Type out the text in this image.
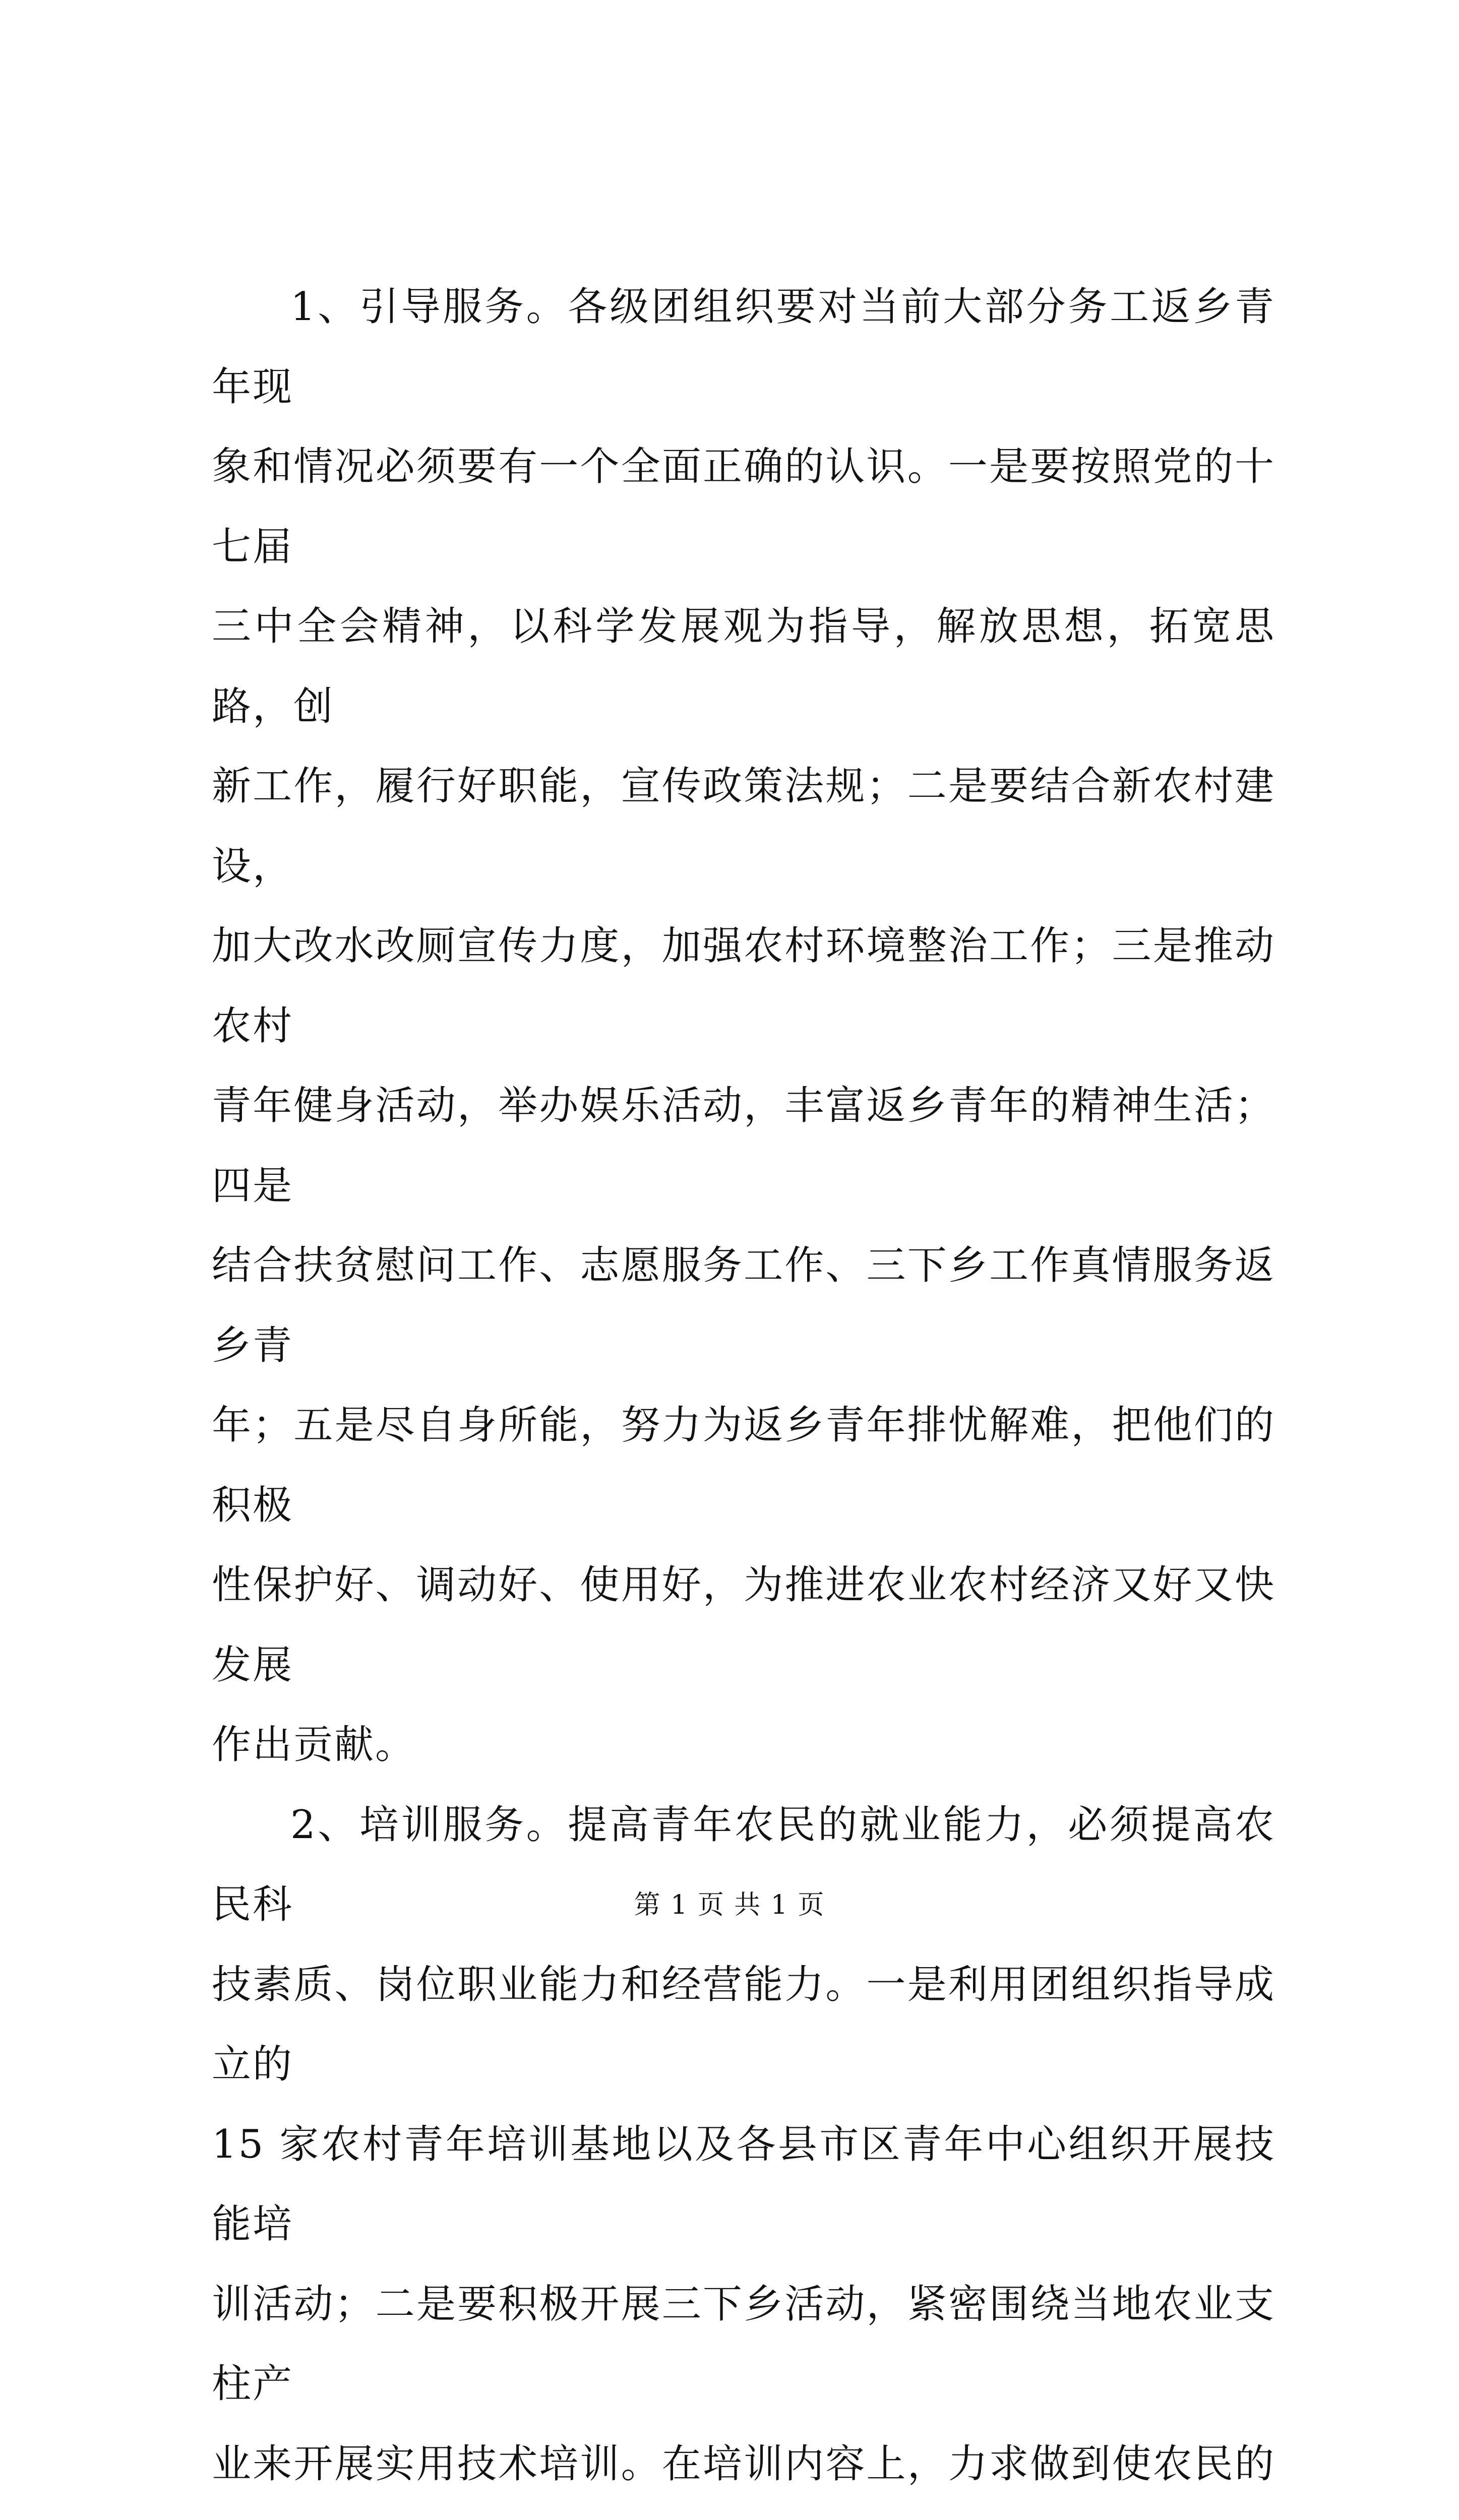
1、引导服务。各级团组织要对当前大部分务工返乡青年现
象和情况必须要有一个全面正确的认识。一是要按照党的十七届
三中全会精神，以科学发展观为指导，解放思想，拓宽思路，创
新工作，履行好职能，宣传政策法规；二是要结合新农村建设，
加大改水改厕宣传力度，加强农村环境整治工作；三是推动农村
青年健身活动，举办娱乐活动，丰富返乡青年的精神生活；四是
结合扶贫慰问工作、志愿服务工作、三下乡工作真情服务返乡青
年；五是尽自身所能，努力为返乡青年排忧解难，把他们的积极
性保护好、调动好、使用好，为推进农业农村经济又好又快发展
作出贡献。

2、培训服务。提高青年农民的就业能力，必须提高农民科
技素质、岗位职业能力和经营能力。一是利用团组织指导成立的
15 家农村青年培训基地以及各县市区青年中心组织开展技能培
训活动；二是要积极开展三下乡活动，紧密围绕当地农业支柱产
业来开展实用技术培训。在培训内容上，力求做到使农民的

第 1 页 共 1 页
